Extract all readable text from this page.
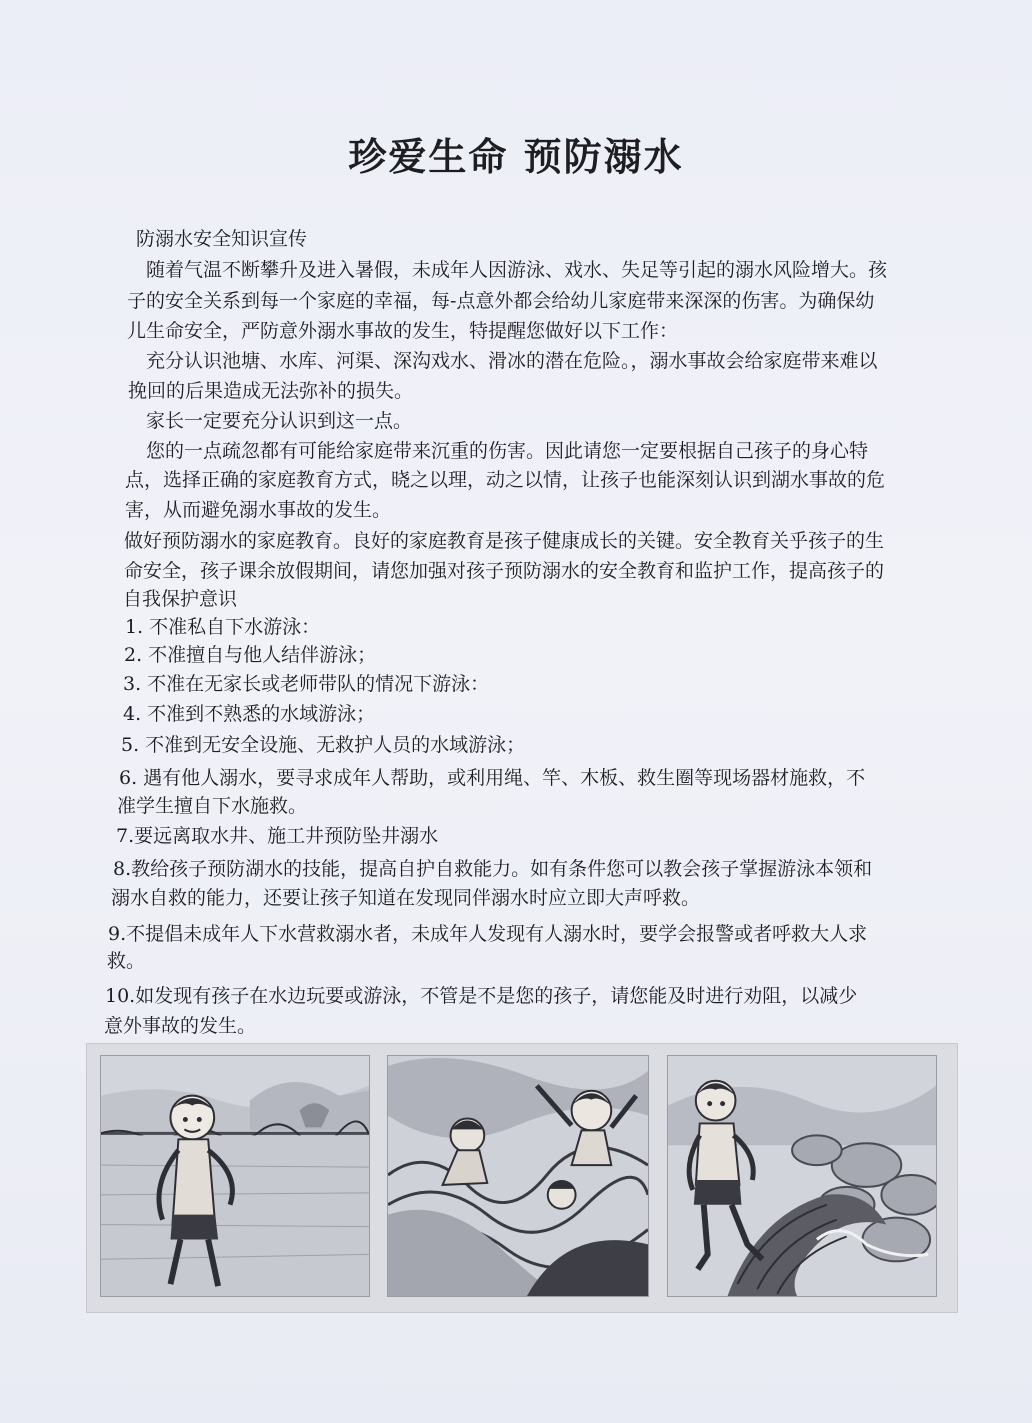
珍爱生命 预防溺水

防溺水安全知识宣传

随着气温不断攀升及进入暑假，未成年人因游泳、戏水、失足等引起的溺水风险增大。孩

子的安全关系到每一个家庭的幸福，每-点意外都会给幼儿家庭带来深深的伤害。为确保幼

儿生命安全，严防意外溺水事故的发生，特提醒您做好以下工作：

充分认识池塘、水库、河渠、深沟戏水、滑冰的潜在危险。，溺水事故会给家庭带来难以

挽回的后果造成无法弥补的损失。

家长一定要充分认识到这一点。

您的一点疏忽都有可能给家庭带来沉重的伤害。因此请您一定要根据自己孩子的身心特

点，选择正确的家庭教育方式，晓之以理，动之以情，让孩子也能深刻认识到湖水事故的危

害，从而避免溺水事故的发生。

做好预防溺水的家庭教育。良好的家庭教育是孩子健康成长的关键。安全教育关乎孩子的生

命安全，孩子课余放假期间，请您加强对孩子预防溺水的安全教育和监护工作，提高孩子的

自我保护意识

1. 不准私自下水游泳：

2. 不准擅自与他人结伴游泳；

3. 不准在无家长或老师带队的情况下游泳：

4. 不准到不熟悉的水域游泳；

5. 不准到无安全设施、无救护人员的水域游泳；

6. 遇有他人溺水，要寻求成年人帮助，或利用绳、竿、木板、救生圈等现场器材施救，不

准学生擅自下水施救。

7.要远离取水井、施工井预防坠井溺水

8.教给孩子预防湖水的技能，提高自护自救能力。如有条件您可以教会孩子掌握游泳本领和

溺水自救的能力，还要让孩子知道在发现同伴溺水时应立即大声呼救。

9.不提倡未成年人下水营救溺水者，未成年人发现有人溺水时，要学会报警或者呼救大人求

救。

10.如发现有孩子在水边玩要或游泳，不管是不是您的孩子，请您能及时进行劝阻，以减少

意外事故的发生。
